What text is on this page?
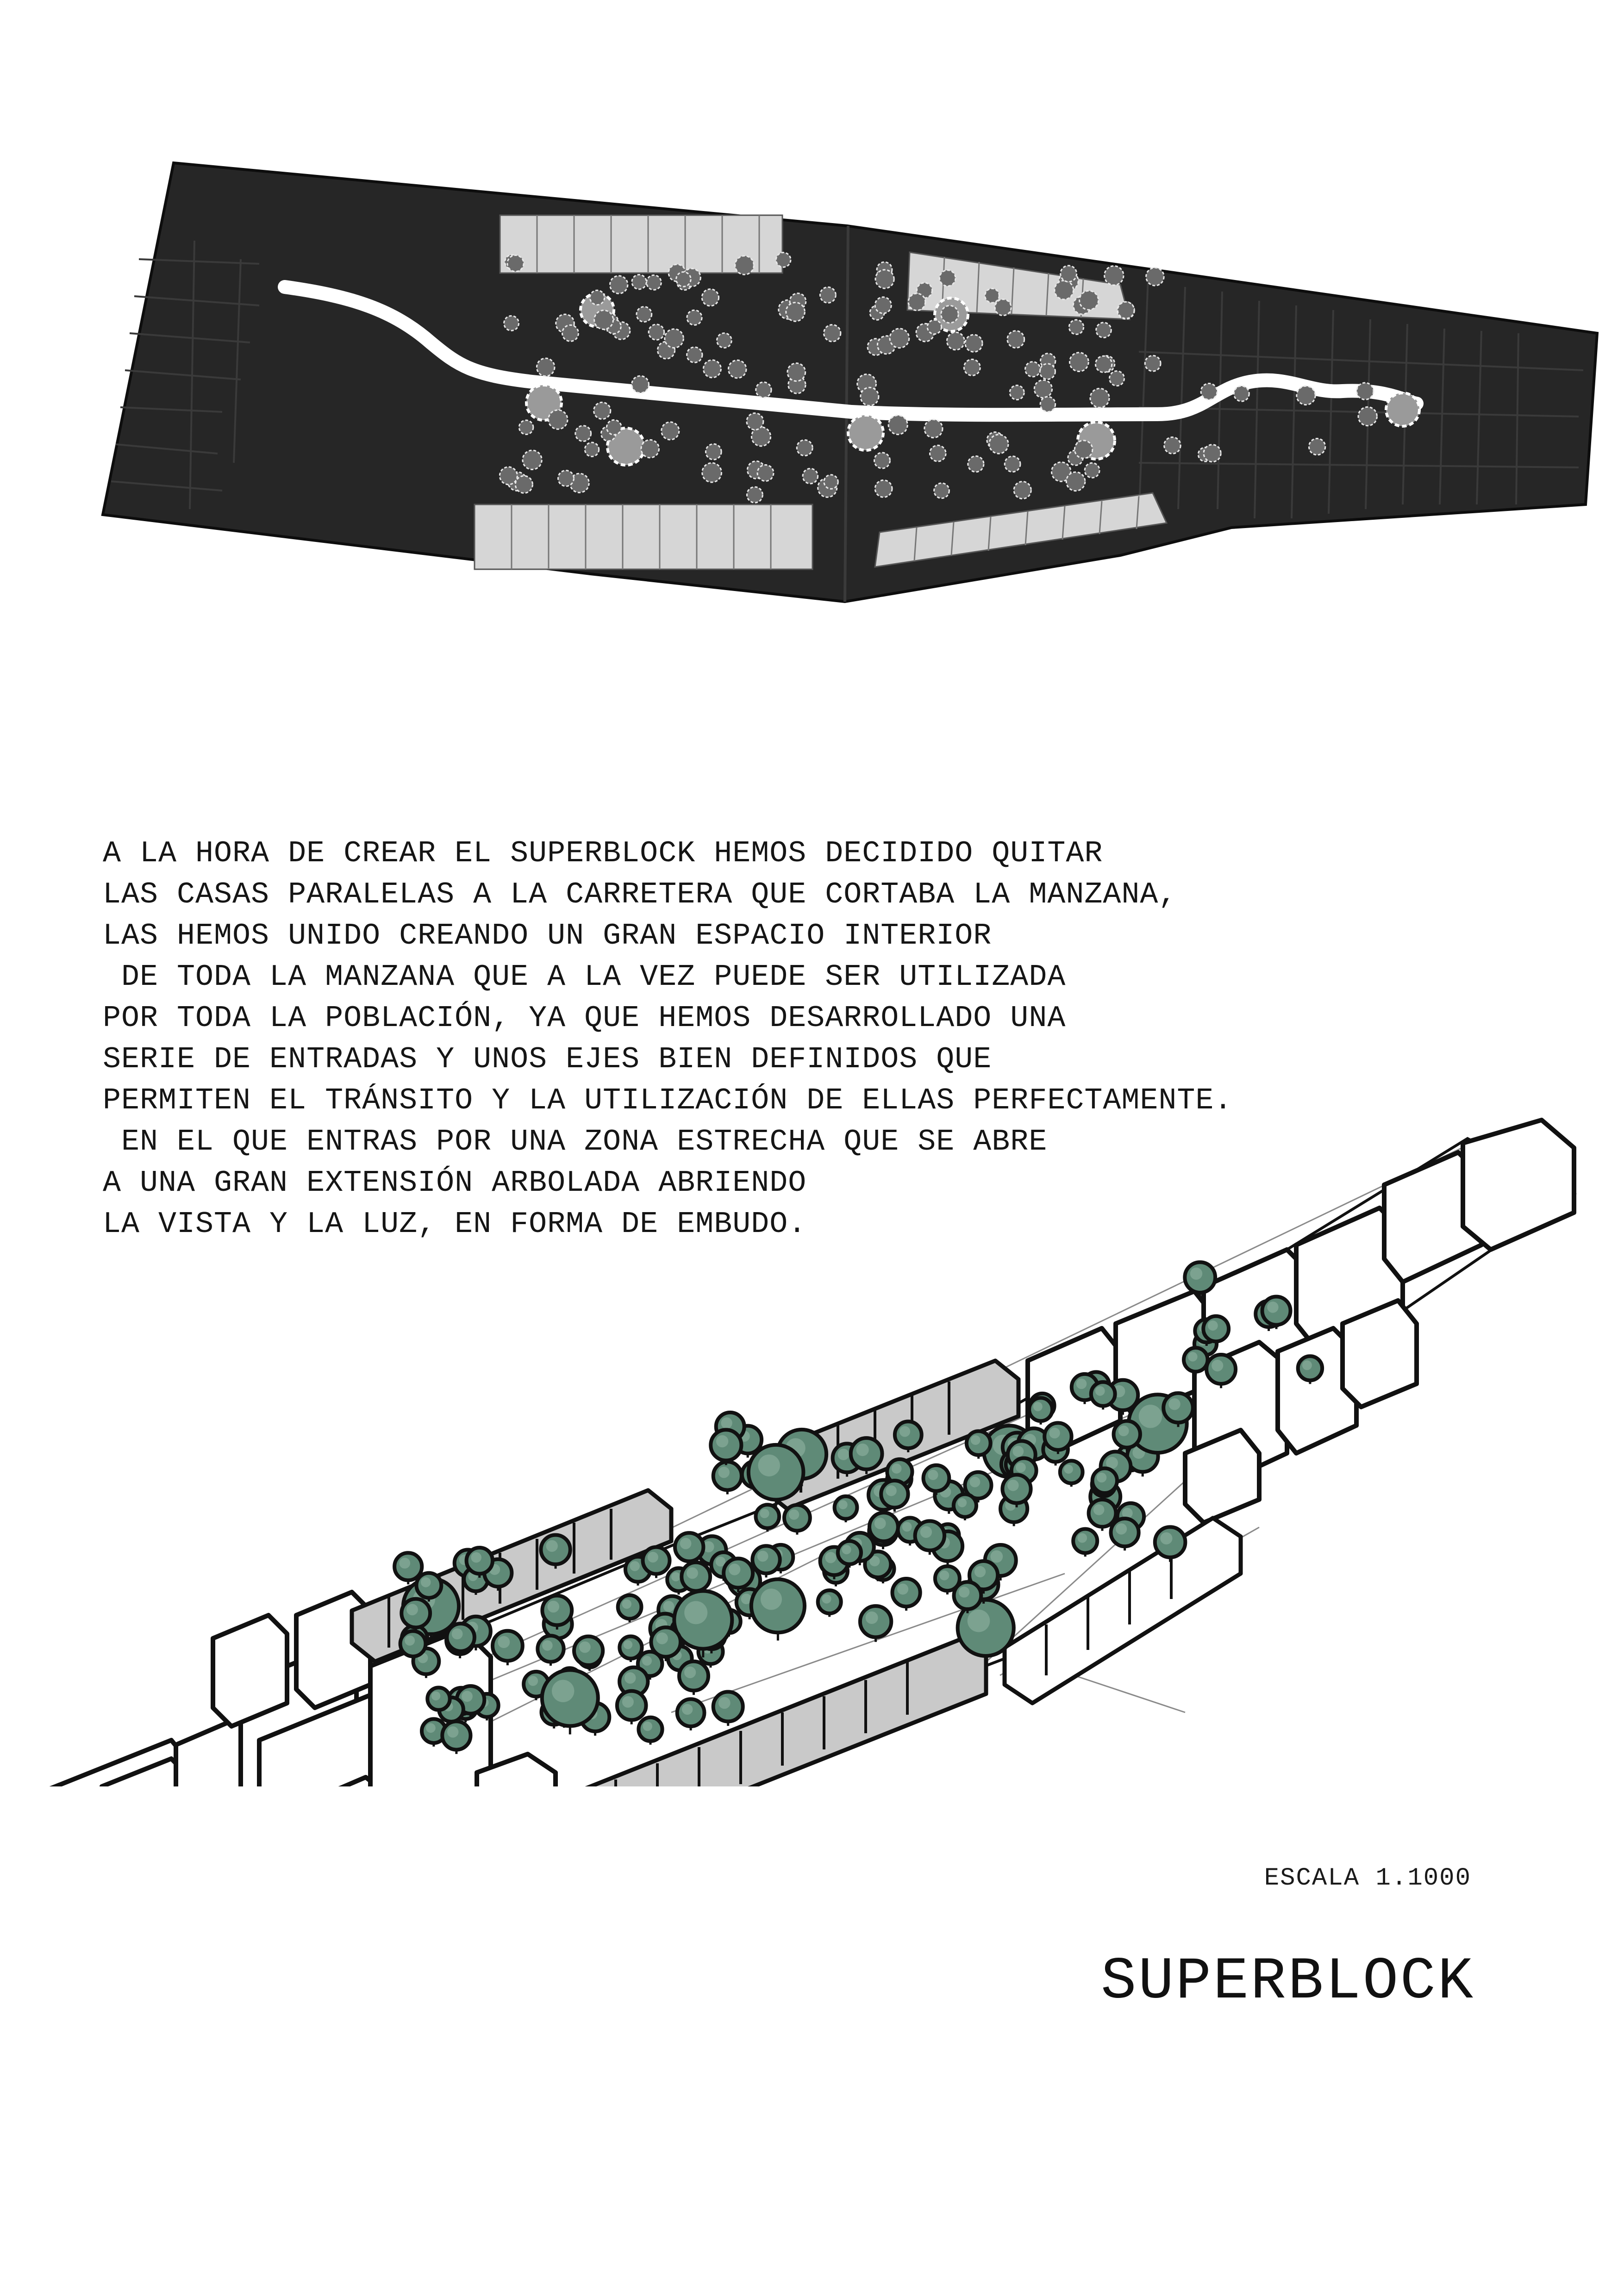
A LA HORA DE CREAR EL SUPERBLOCK HEMOS DECIDIDO QUITAR
LAS CASAS PARALELAS A LA CARRETERA QUE CORTABA LA MANZANA,
LAS HEMOS UNIDO CREANDO UN GRAN ESPACIO INTERIOR
DE TODA LA MANZANA QUE A LA VEZ PUEDE SER UTILIZADA
POR TODA LA POBLACIÓN, YA QUE HEMOS DESARROLLADO UNA
SERIE DE ENTRADAS Y UNOS EJES BIEN DEFINIDOS QUE
PERMITEN EL TRÁNSITO Y LA UTILIZACIÓN DE ELLAS PERFECTAMENTE.
EN EL QUE ENTRAS POR UNA ZONA ESTRECHA QUE SE ABRE
A UNA GRAN EXTENSIÓN ARBOLADA ABRIENDO
LA VISTA Y LA LUZ, EN FORMA DE EMBUDO.
ESCALA 1.1000
SUPERBLOCK
